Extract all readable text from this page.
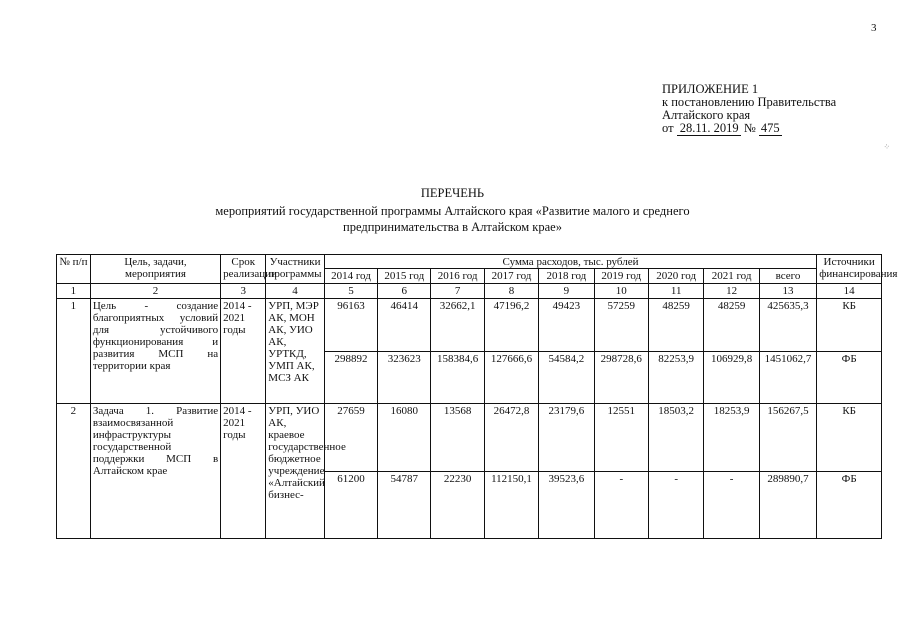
3
ПРИЛОЖЕНИЕ 1
к постановлению Правительства
Алтайского края
от 28.11. 2019 № 475
⁘
ПЕРЕЧЕНЬ
мероприятий государственной программы Алтайского края «Развитие малого и среднего
предпринимательства в Алтайском крае»
№ п/п	Цель, задачи, мероприятия	Срок реализации	Участники программы	Сумма расходов, тыс. рублей									Источники финансирования
				2014 год	2015 год	2016 год	2017 год	2018 год	2019 год	2020 год	2021 год	всего	
1	2	3	4	5	6	7	8	9	10	11	12	13	14
1	Цель - создание благоприятных условий для устойчивого функционирования и развития МСП на территории края	2014 - 2021 годы	УРП, МЭР АК, МОН АК, УИО АК, УРТКД, УМП АК, МСЗ АК	96163	46414	32662,1	47196,2	49423	57259	48259	48259	425635,3	КБ
				298892	323623	158384,6	127666,6	54584,2	298728,6	82253,9	106929,8	1451062,7	ФБ
2	Задача 1. Развитие взаимосвязанной инфраструктуры государственной поддержки МСП в Алтайском крае	2014 - 2021 годы	УРП, УИО АК, краевое государственное бюджетное учреждение «Алтайский бизнес-	27659	16080	13568	26472,8	23179,6	12551	18503,2	18253,9	156267,5	КБ
				61200	54787	22230	112150,1	39523,6	-	-	-	289890,7	ФБ
